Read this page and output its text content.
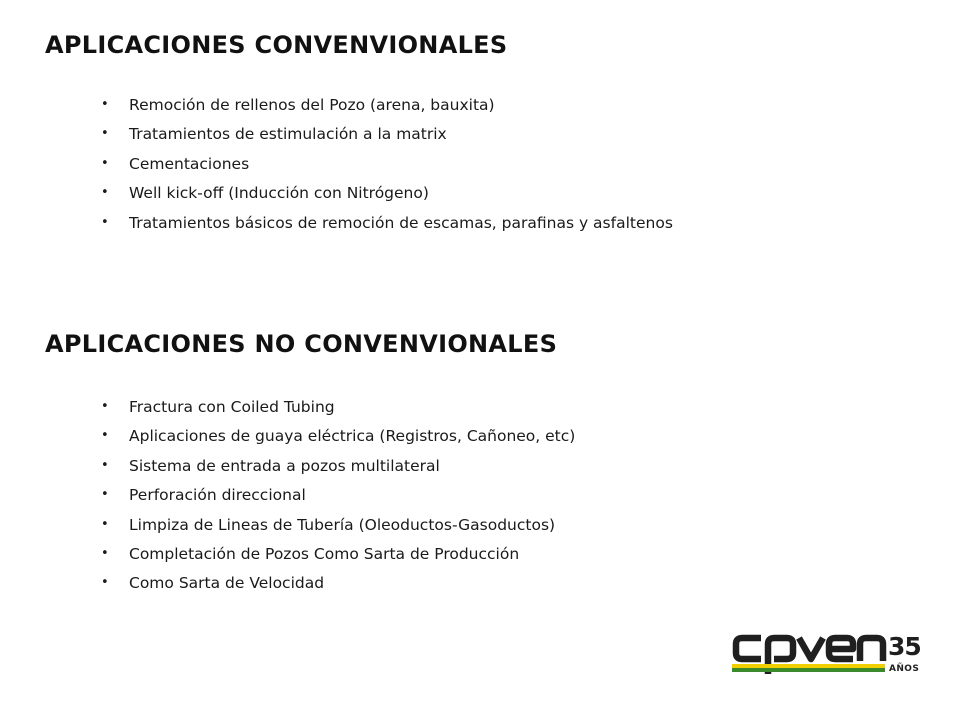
APLICACIONES CONVENVIONALES
• Remoción de rellenos del Pozo (arena, bauxita)
• Tratamientos de estimulación a la matrix
• Cementaciones
• Well kick-off (Inducción con Nitrógeno)
• Tratamientos básicos de remoción de escamas, parafinas y asfaltenos
APLICACIONES NO CONVENVIONALES
• Fractura con Coiled Tubing
• Aplicaciones de guaya eléctrica (Registros, Cañoneo, etc)
• Sistema de entrada a pozos multilateral
• Perforación direccional
• Limpiza de Lineas de Tubería (Oleoductos-Gasoductos)
• Completación de Pozos Como Sarta de Producción
• Como Sarta de Velocidad
35
AÑOS
